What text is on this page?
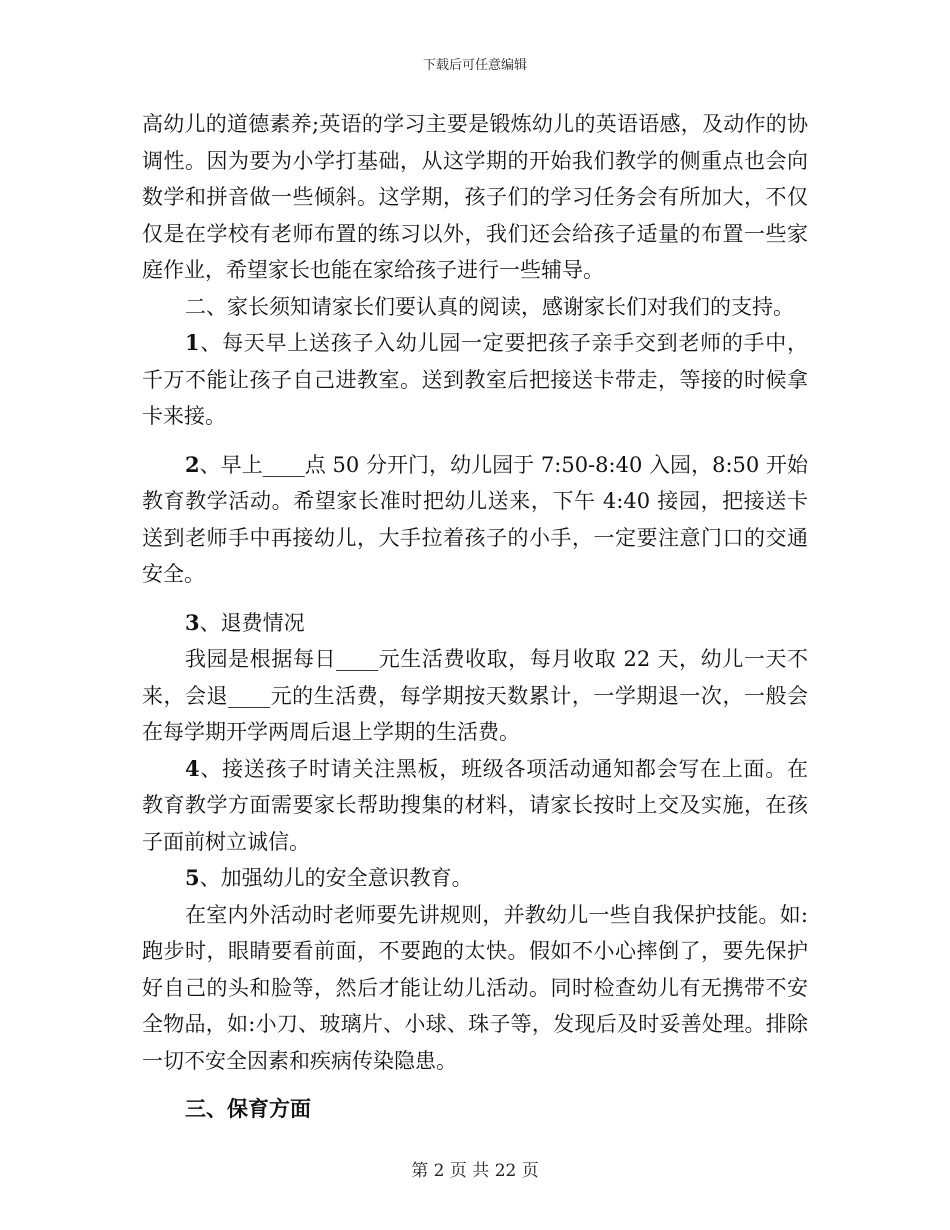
下载后可任意编辑

高幼儿的道德素养;英语的学习主要是锻炼幼儿的英语语感，及动作的协调性。因为要为小学打基础，从这学期的开始我们教学的侧重点也会向数学和拼音做一些倾斜。这学期，孩子们的学习任务会有所加大，不仅仅是在学校有老师布置的练习以外，我们还会给孩子适量的布置一些家庭作业，希望家长也能在家给孩子进行一些辅导。

二、家长须知请家长们要认真的阅读，感谢家长们对我们的支持。

1、每天早上送孩子入幼儿园一定要把孩子亲手交到老师的手中，千万不能让孩子自己进教室。送到教室后把接送卡带走，等接的时候拿卡来接。

2、早上____点 50 分开门，幼儿园于 7:50-8:40 入园，8:50 开始教育教学活动。希望家长准时把幼儿送来，下午 4:40 接园，把接送卡送到老师手中再接幼儿，大手拉着孩子的小手，一定要注意门口的交通安全。

3、退费情况

我园是根据每日____元生活费收取，每月收取 22 天，幼儿一天不来，会退____元的生活费，每学期按天数累计，一学期退一次，一般会在每学期开学两周后退上学期的生活费。

4、接送孩子时请关注黑板，班级各项活动通知都会写在上面。在教育教学方面需要家长帮助搜集的材料，请家长按时上交及实施，在孩子面前树立诚信。

5、加强幼儿的安全意识教育。

在室内外活动时老师要先讲规则，并教幼儿一些自我保护技能。如:跑步时，眼睛要看前面，不要跑的太快。假如不小心摔倒了，要先保护好自己的头和脸等，然后才能让幼儿活动。同时检查幼儿有无携带不安全物品，如:小刀、玻璃片、小球、珠子等，发现后及时妥善处理。排除一切不安全因素和疾病传染隐患。

三、保育方面

第 2 页 共 22 页
